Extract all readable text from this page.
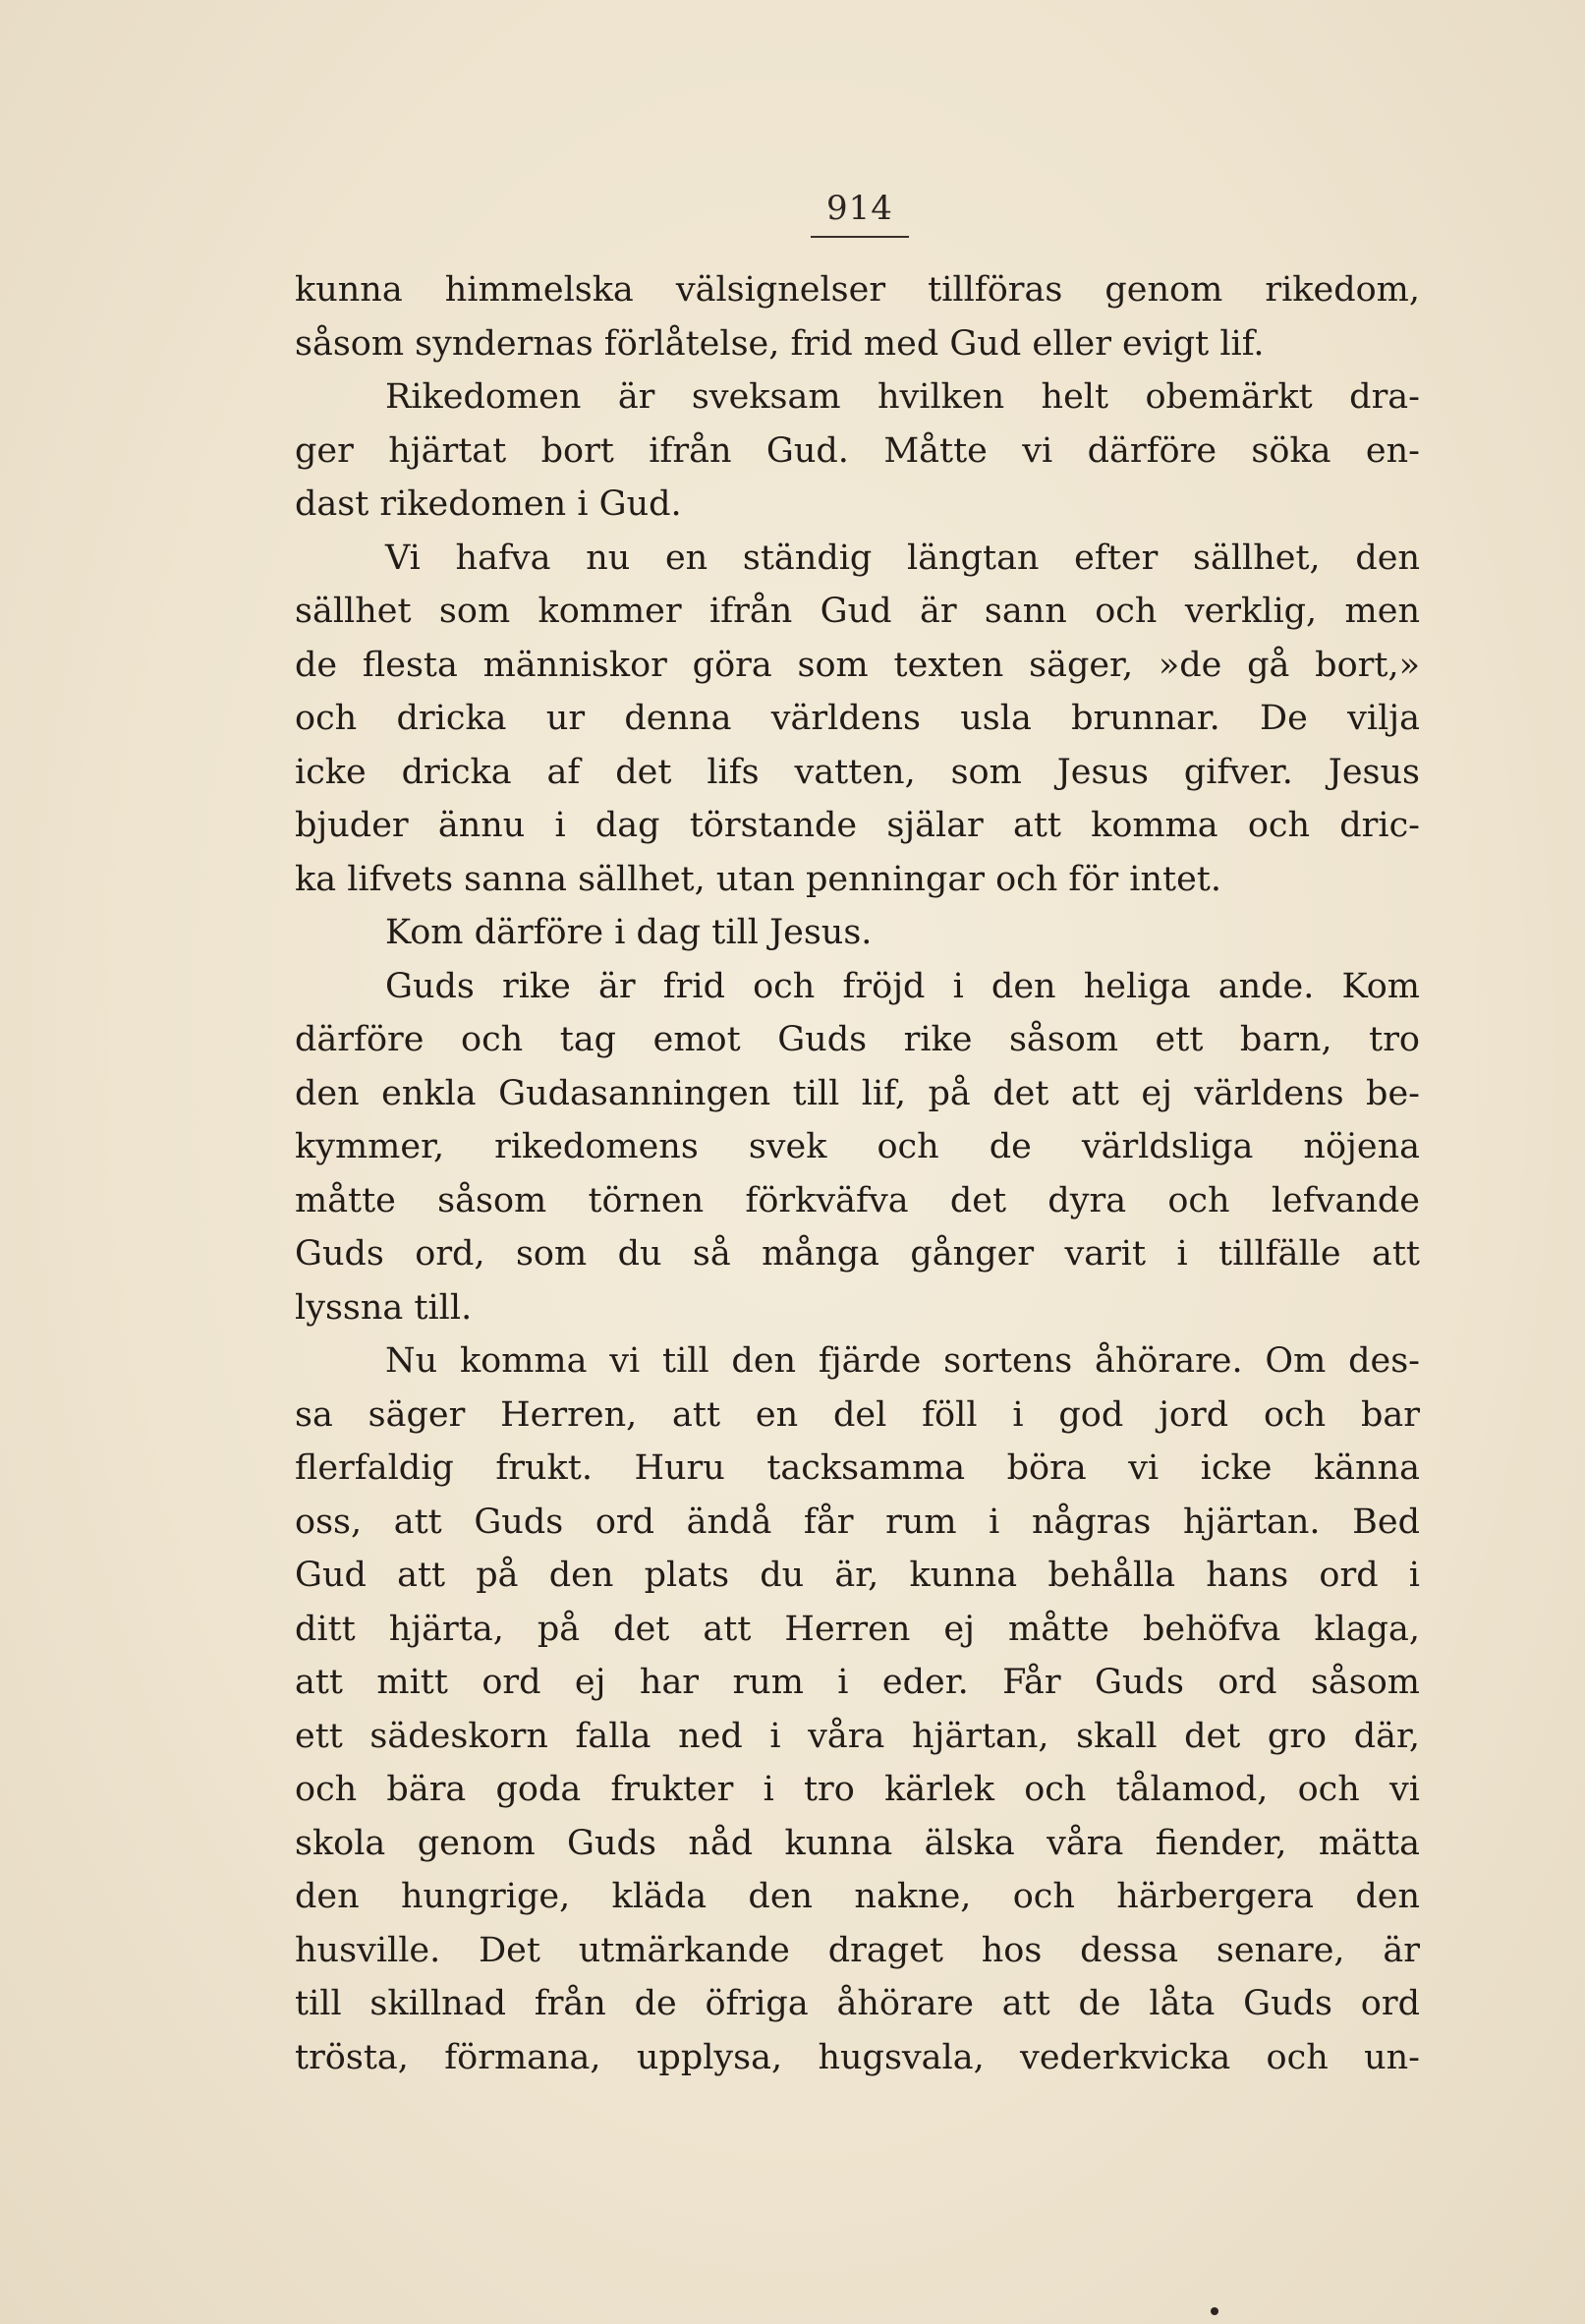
914
kunna himmelska välsignelser tillföras genom rikedom,
såsom syndernas förlåtelse, frid med Gud eller evigt lif.
Rikedomen är sveksam hvilken helt obemärkt dra-
ger hjärtat bort ifrån Gud. Måtte vi därföre söka en-
dast rikedomen i Gud.
Vi hafva nu en ständig längtan efter sällhet, den
sällhet som kommer ifrån Gud är sann och verklig, men
de flesta människor göra som texten säger, »de gå bort,»
och dricka ur denna världens usla brunnar. De vilja
icke dricka af det lifs vatten, som Jesus gifver. Jesus
bjuder ännu i dag törstande själar att komma och dric-
ka lifvets sanna sällhet, utan penningar och för intet.
Kom därföre i dag till Jesus.
Guds rike är frid och fröjd i den heliga ande. Kom
därföre och tag emot Guds rike såsom ett barn, tro
den enkla Gudasanningen till lif, på det att ej världens be-
kymmer, rikedomens svek och de världsliga nöjena
måtte såsom törnen förkväfva det dyra och lefvande
Guds ord, som du så många gånger varit i tillfälle att
lyssna till.
Nu komma vi till den fjärde sortens åhörare. Om des-
sa säger Herren, att en del föll i god jord och bar
flerfaldig frukt. Huru tacksamma böra vi icke känna
oss, att Guds ord ändå får rum i någras hjärtan. Bed
Gud att på den plats du är, kunna behålla hans ord i
ditt hjärta, på det att Herren ej måtte behöfva klaga,
att mitt ord ej har rum i eder. Får Guds ord såsom
ett sädeskorn falla ned i våra hjärtan, skall det gro där,
och bära goda frukter i tro kärlek och tålamod, och vi
skola genom Guds nåd kunna älska våra fiender, mätta
den hungrige, kläda den nakne, och härbergera den
husville. Det utmärkande draget hos dessa senare, är
till skillnad från de öfriga åhörare att de låta Guds ord
trösta, förmana, upplysa, hugsvala, vederkvicka och un-
